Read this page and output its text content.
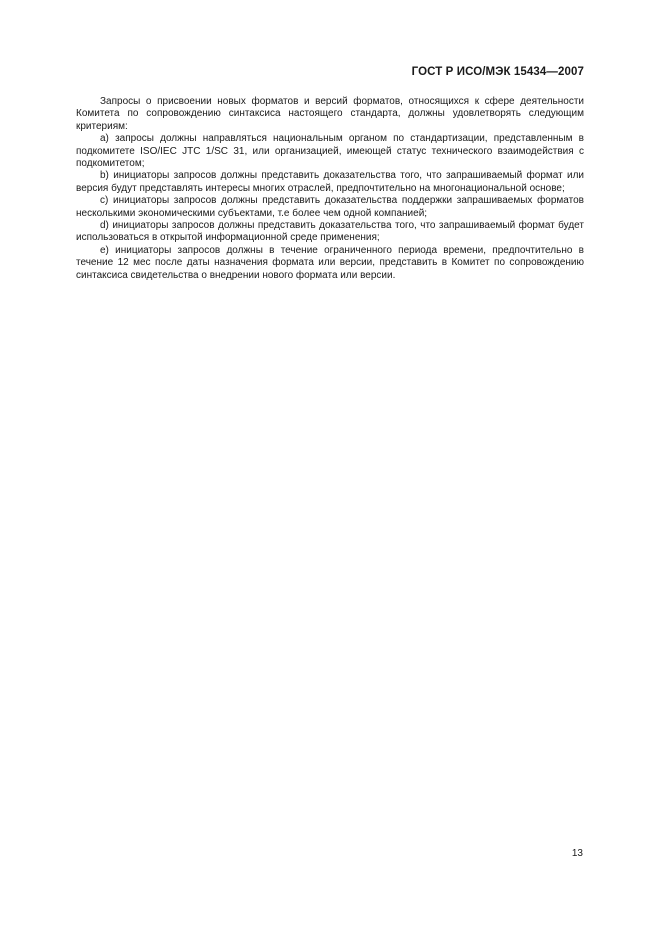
ГОСТ Р ИСО/МЭК 15434—2007

Запросы о присвоении новых форматов и версий форматов, относящихся к сфере деятельности Комитета по сопровождению синтаксиса настоящего стандарта, должны удовлетворять следующим критериям:

а) запросы должны направляться национальным органом по стандартизации, представленным в подкомитете ISO/IEC JTC 1/SC 31, или организацией, имеющей статус технического взаимодействия с подкомитетом;

b) инициаторы запросов должны представить доказательства того, что запрашиваемый формат или версия будут представлять интересы многих отраслей, предпочтительно на многонациональной основе;

c) инициаторы запросов должны представить доказательства поддержки запрашиваемых форматов несколькими экономическими субъектами, т.е более чем одной компанией;

d) инициаторы запросов должны представить доказательства того, что запрашиваемый формат будет использоваться в открытой информационной среде применения;

е) инициаторы запросов должны в течение ограниченного периода времени, предпочтительно в течение 12 мес после даты назначения формата или версии, представить в Комитет по сопровождению синтаксиса свидетельства о внедрении нового формата или версии.

13
